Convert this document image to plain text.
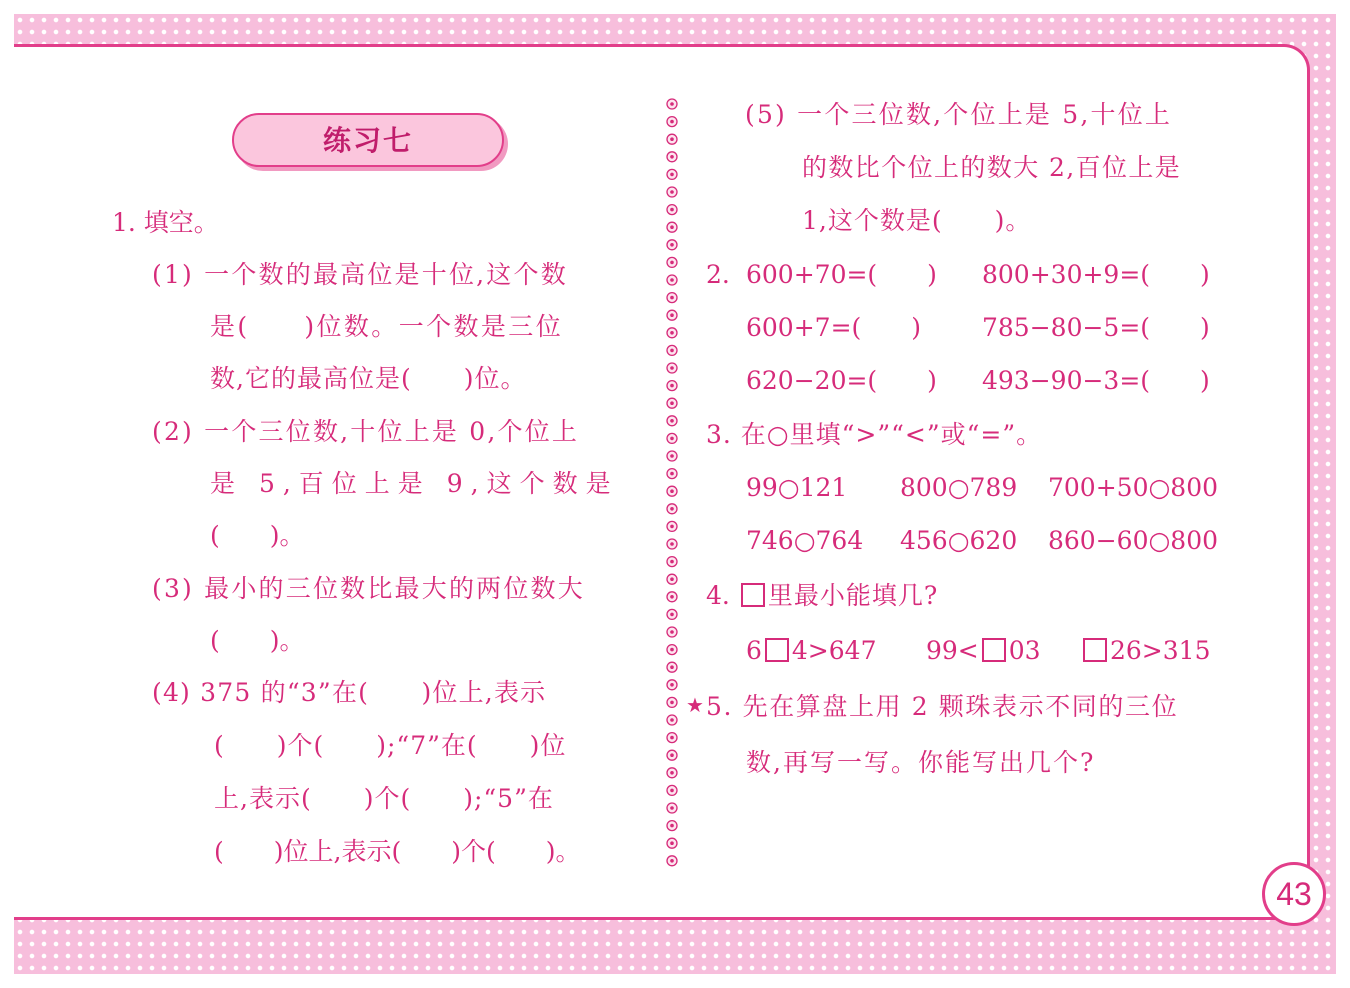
练习七
1. 填空。
(1) 一个数的最高位是十位,这个数
是(　　)位数。一个数是三位
数,它的最高位是(　　)位。
(2) 一个三位数,十位上是 0,个位上
是 5,百位上是 9,这个数是
(　　)。
(3) 最小的三位数比最大的两位数大
(　　)。
(4) 375 的“3”在(　　)位上,表示
(　　)个(　　);“7”在(　　)位
上,表示(　　)个(　　);“5”在
(　　)位上,表示(　　)个(　　)。
(5) 一个三位数,个位上是 5,十位上
的数比个位上的数大 2,百位上是
1,这个数是(　　)。
2. 600+70=(　　) 800+30+9=(　　)
600+7=(　　) 785−80−5=(　　)
620−20=(　　) 493−90−3=(　　)
3. 在○里填“>”“<”或“=”。
99○121 800○789 700+50○800
746○764 456○620 860−60○800
4. 里最小能填几?
6 4>647 99< 03	26>315
★ 5. 先在算盘上用 2 颗珠表示不同的三位
数,再写一写。你能写出几个?
43
